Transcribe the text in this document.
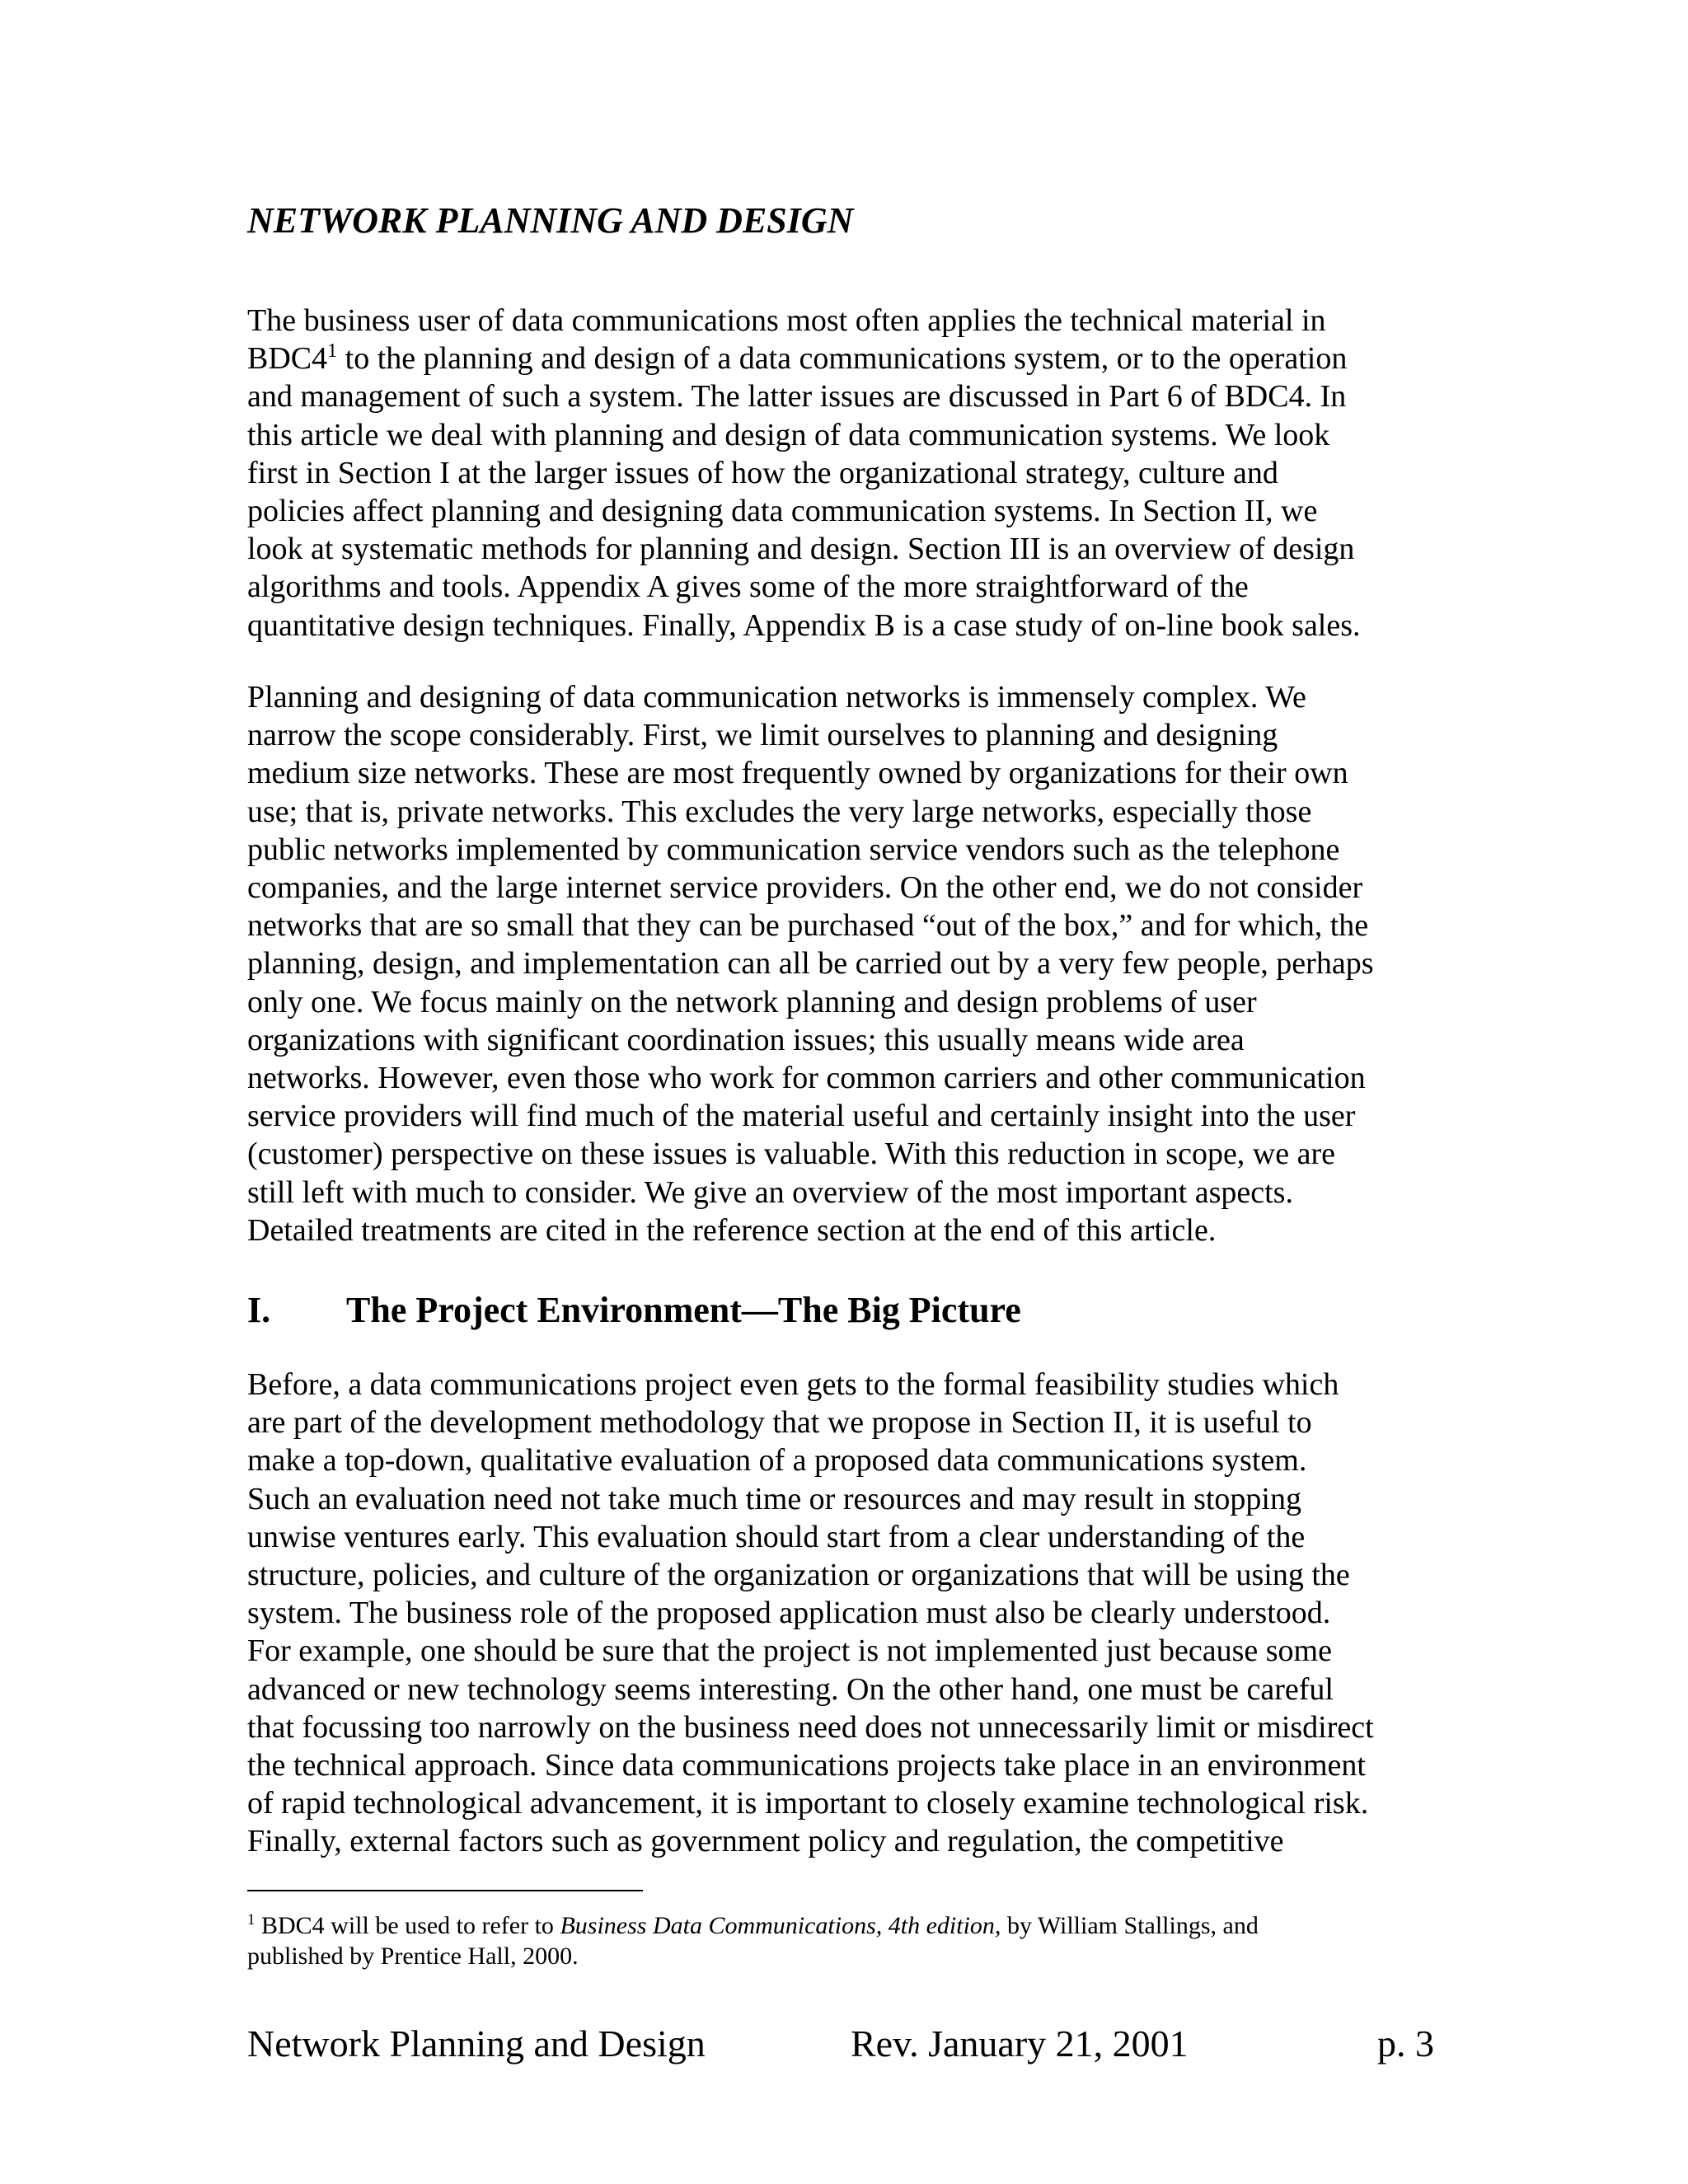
NETWORK PLANNING AND DESIGN

The business user of data communications most often applies the technical material in
$BDC4^1$ to the planning and design of a data communications system, or to the operation
and management of such a system. The latter issues are discussed in Part 6 of BDC4. In
this article we deal with planning and design of data communication systems. We look
first in Section I at the larger issues of how the organizational strategy, culture and
policies affect planning and designing data communication systems. In Section II, we
look at systematic methods for planning and design. Section III is an overview of design
algorithms and tools. Appendix A gives some of the more straightforward of the
quantitative design techniques. Finally, Appendix B is a case study of on-line book sales.

Planning and designing of data communication networks is immensely complex. We
narrow the scope considerably. First, we limit ourselves to planning and designing
medium size networks. These are most frequently owned by organizations for their own
use; that is, private networks. This excludes the very large networks, especially those
public networks implemented by communication service vendors such as the telephone
companies, and the large internet service providers. On the other end, we do not consider
networks that are so small that they can be purchased “out of the box,” and for which, the
planning, design, and implementation can all be carried out by a very few people, perhaps
only one. We focus mainly on the network planning and design problems of user
organizations with significant coordination issues; this usually means wide area
networks. However, even those who work for common carriers and other communication
service providers will find much of the material useful and certainly insight into the user
(customer) perspective on these issues is valuable. With this reduction in scope, we are
still left with much to consider. We give an overview of the most important aspects.
Detailed treatments are cited in the reference section at the end of this article.

I. The Project Environment—The Big Picture

Before, a data communications project even gets to the formal feasibility studies which
are part of the development methodology that we propose in Section II, it is useful to
make a top-down, qualitative evaluation of a proposed data communications system.
Such an evaluation need not take much time or resources and may result in stopping
unwise ventures early. This evaluation should start from a clear understanding of the
structure, policies, and culture of the organization or organizations that will be using the
system. The business role of the proposed application must also be clearly understood.
For example, one should be sure that the project is not implemented just because some
advanced or new technology seems interesting. On the other hand, one must be careful
that focussing too narrowly on the business need does not unnecessarily limit or misdirect
the technical approach. Since data communications projects take place in an environment
of rapid technological advancement, it is important to closely examine technological risk.
Finally, external factors such as government policy and regulation, the competitive

$^1$ BDC4 will be used to refer to Business Data Communications, 4th edition, by William Stallings, and
published by Prentice Hall, 2000.

Network Planning and Design	Rev. January 21, 2001	p. 3
